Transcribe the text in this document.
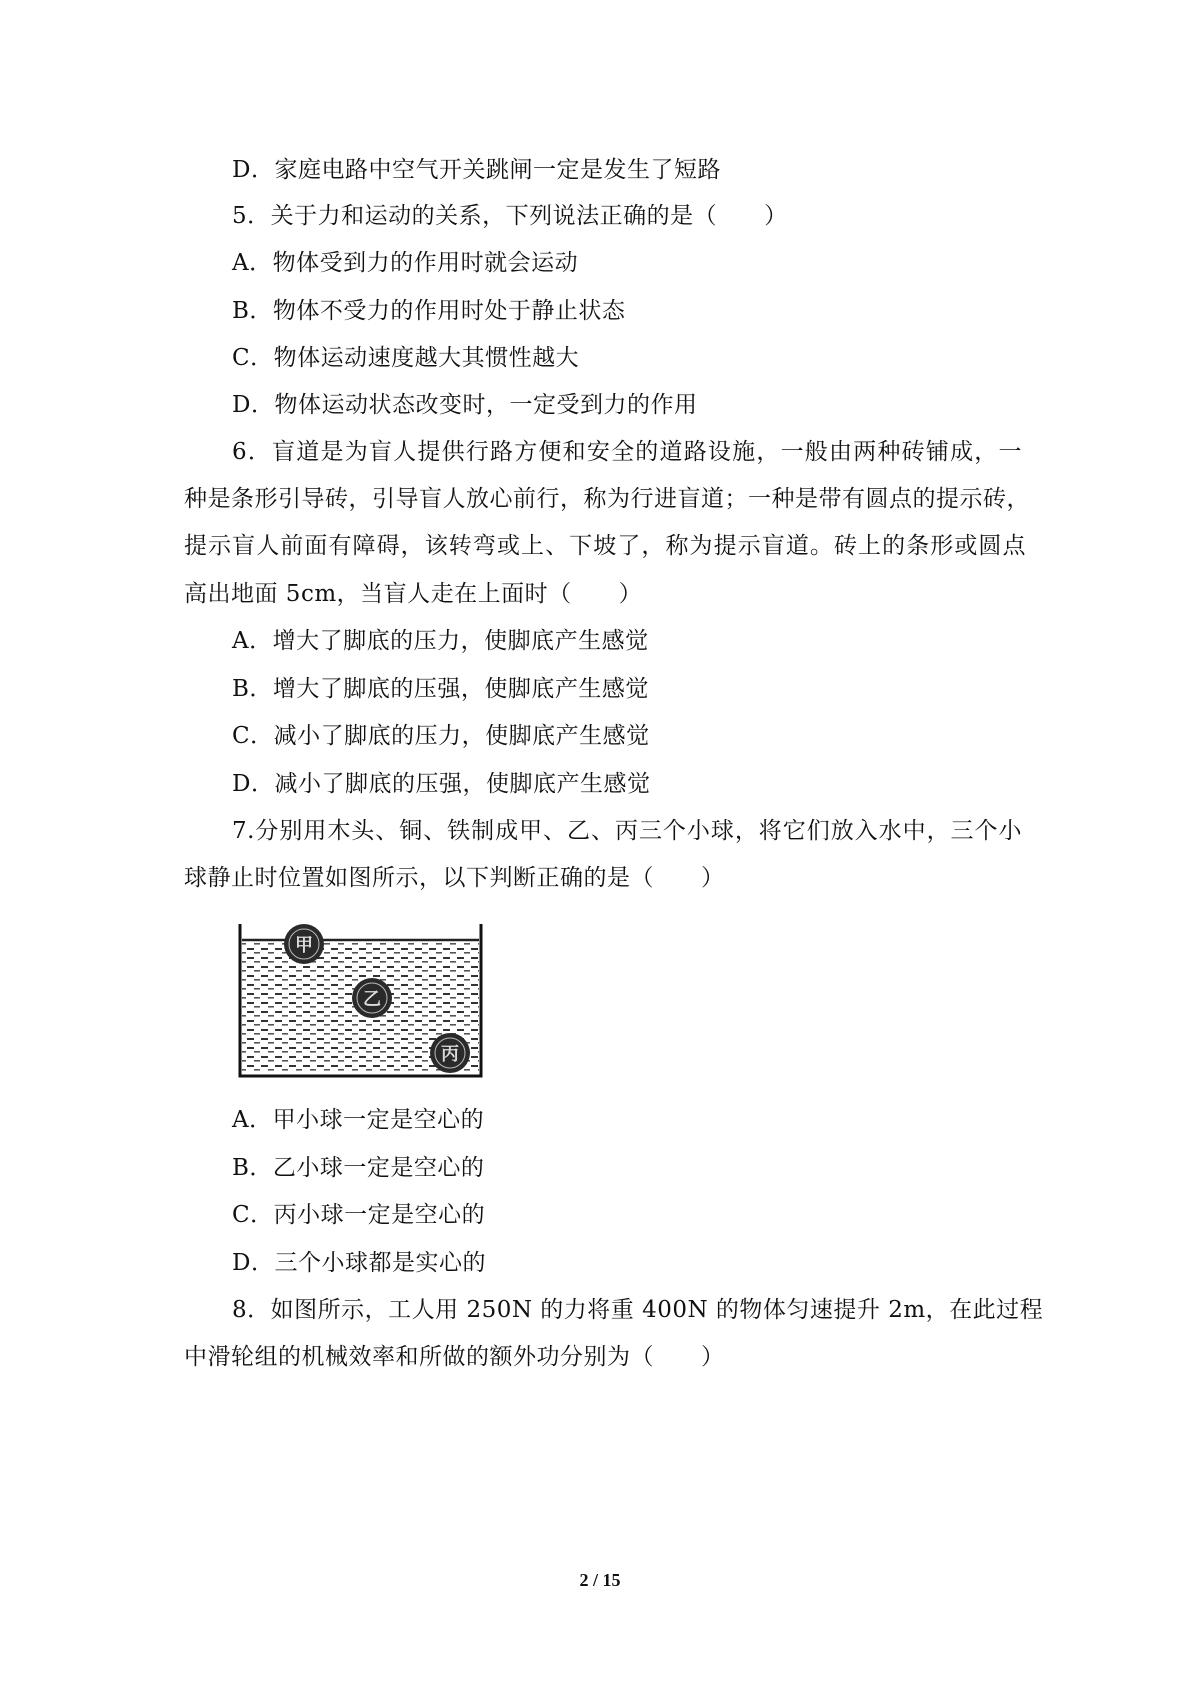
D．家庭电路中空气开关跳闸一定是发生了短路
5．关于力和运动的关系，下列说法正确的是（　　）
A．物体受到力的作用时就会运动
B．物体不受力的作用时处于静止状态
C．物体运动速度越大其惯性越大
D．物体运动状态改变时，一定受到力的作用
6．盲道是为盲人提供行路方便和安全的道路设施，一般由两种砖铺成，一
种是条形引导砖，引导盲人放心前行，称为行进盲道；一种是带有圆点的提示砖，
提示盲人前面有障碍，该转弯或上、下坡了，称为提示盲道。砖上的条形或圆点
高出地面 5cm，当盲人走在上面时（　　）
A．增大了脚底的压力，使脚底产生感觉
B．增大了脚底的压强，使脚底产生感觉
C．减小了脚底的压力，使脚底产生感觉
D．减小了脚底的压强，使脚底产生感觉
7.分别用木头、铜、铁制成甲、乙、丙三个小球，将它们放入水中，三个小
球静止时位置如图所示，以下判断正确的是（　　）
甲
乙
丙
A．甲小球一定是空心的
B．乙小球一定是空心的
C．丙小球一定是空心的
D．三个小球都是实心的
8．如图所示，工人用 250N 的力将重 400N 的物体匀速提升 2m，在此过程
中滑轮组的机械效率和所做的额外功分别为（　　）
2 / 15
